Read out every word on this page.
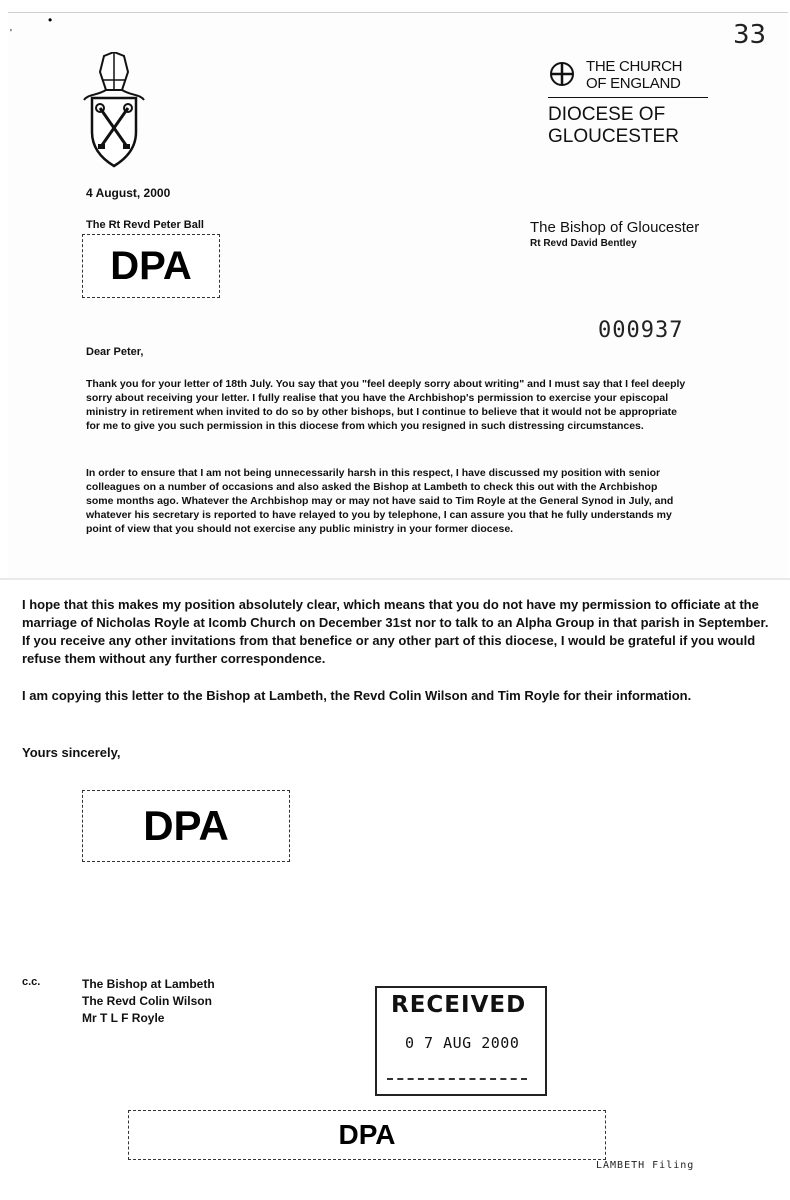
33
•
'
THE CHURCH
OF ENGLAND
DIOCESE OF
GLOUCESTER
4 August, 2000
The Rt Revd Peter Ball
DPA
The Bishop of Gloucester
Rt Revd David Bentley
000937
Dear Peter,
Thank you for your letter of 18th July. You say that you "feel deeply sorry about writing" and I must say that I feel deeply sorry about receiving your letter. I fully realise that you have the Archbishop's permission to exercise your episcopal ministry in retirement when invited to do so by other bishops, but I continue to believe that it would not be appropriate for me to give you such permission in this diocese from which you resigned in such distressing circumstances.
In order to ensure that I am not being unnecessarily harsh in this respect, I have discussed my position with senior colleagues on a number of occasions and also asked the Bishop at Lambeth to check this out with the Archbishop some months ago. Whatever the Archbishop may or may not have said to Tim Royle at the General Synod in July, and whatever his secretary is reported to have relayed to you by telephone, I can assure you that he fully understands my point of view that you should not exercise any public ministry in your former diocese.
I hope that this makes my position absolutely clear, which means that you do not have my permission to officiate at the marriage of Nicholas Royle at Icomb Church on December 31st nor to talk to an Alpha Group in that parish in September. If you receive any other invitations from that benefice or any other part of this diocese, I would be grateful if you would refuse them without any further correspondence.
I am copying this letter to the Bishop at Lambeth, the Revd Colin Wilson and Tim Royle for their information.
Yours sincerely,
DPA
c.c.	The Bishop at Lambeth
The Revd Colin Wilson
Mr T L F Royle	RECEIVED
0 7 AUG 2000
DPA
LAMBETH Filing
